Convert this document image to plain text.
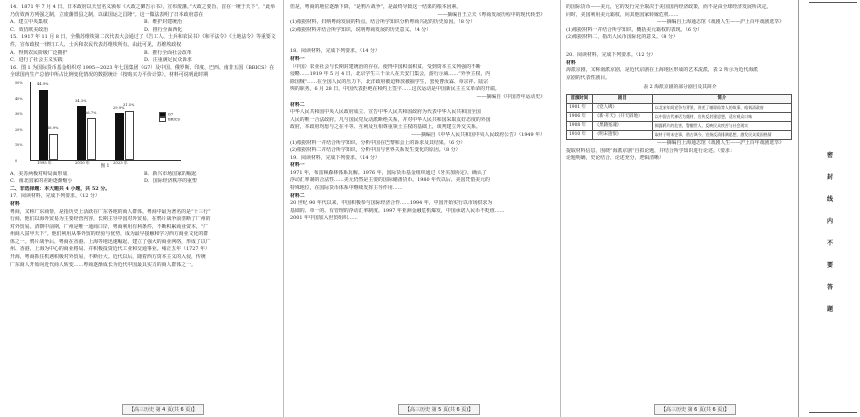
14．1871 年 7 月 4 日，日本政府以天皇名义颁布《大政之御告示书》，宣布废藩。”大政之要旨，首在一统于天下”，“此举乃仿效西方列强之制，立废藩置县之制，以谋国运之昌隆”。这一做法表明了日本政府意在
A．建立中央集权	B．维护封建统治
C．效仿欧美政治	D．推行全面西化
15．1917 年 11 月 8 日，全俄苏维埃第二次代表大会通过了《告工人、士兵和农民书》《和平法令》《土地法令》等重要文件，宣布政权一律归工人、士兵和农民代表苏维埃所有。由此可见，苏维埃政权
A．得到农民阶级广泛拥护	B．推行全面社会改革
C．进行了社会主义实践	D．注重满足民众诉求
16．图 1 为国际货币基金组织对 1995—2023 年七国集团（G7）及中国、俄罗斯、印度、巴西、南非五国（BRICS）在全球国内生产总值中所占比例变化情况的数据统计（按购买力平价计算）。材料可说明此时期
50%
40%
30%
20%
10%
0
44.9%
16.9%
1995 年
34.3%
26.7%
2010 年
29.9%
31.5%
2023 年
G7
BRICS
图 1
A．美苏两极对峙局面形成	B．新兴市场国家的崛起
C．南北国家的差距逐渐缩小	D．国际经济秩序的重塑
二、非选择题：本大题共 4 小题，共 52 分。
17．阅读材料，完成下列要求。（12 分）
材料
粤商，又称广东商帮，是指历史上活跃在广东各地的商人群体。粤商中最为著名的是“十三行”
行商，他们以海外贸易为主要经营内容，长期主导中国对外贸易，在鸦片战争前垄断了广州的
对外贸易。清朝中前期，广州是唯一通商口岸，粤商利用有利条件，不断积累商业资本，“广
州商人富甲天下”。他们利用从事外贸的经验与优势，成为最早接触和学习西方商业文化的群
体之一。鸦片战争后，粤商在香港、上海等地迅速崛起，建立了强大的商业网络，形成了以广
州、香港、上海为中心的商业格局，并积极投资近代工业和交通事业。雍正五年（1727 年）
开海，粤商抓住机遇积极对外贸易，不断壮大。近代以后，随着西方资本主义的入侵，传统
广东商人开始向近代商人转变……粤商逐渐成长为近代中国最具实力的商人群体之一。
但是，粤商的地位逐渐下降，“是鸦片战争”，是最终导致这一结果的根本因素。
——摘编自王立夫《粤商发展历程中的现代转型》
(1)根据材料，归纳粤商发展的特点。结合所学知识分析粤商兴起的历史原因。（8 分）
(2)根据材料并结合所学知识，说明粤商发展的历史意义。（4 分）
18．阅读材料，完成下列要求。（14 分）
材料一
（中国）农业社会与长期封建统治的存在，使得中国积弱积贫，受到资本主义列强的不断
侵略……1919 年 5 月 4 日，北京学生三千余人在天安门集会，游行示威……“外争主权，内
除国贼”……在全国人民的压力下，北洋政府被迫释放被捕学生，罢免曹汝霖、章宗祥、陆宗
舆的职务。6 月 28 日，中国代表拒绝在和约上签字……这次运动是中国新民主主义革命的开端。
——摘编自《中国青年运动史》
材料二
中华人民共和国中央人民政府成立，宣告中华人民共和国政府为代表中华人民共和国全国
人民的唯一合法政府。凡与国民党反动派断绝关系，并对中华人民共和国采取友好态度的外国
政府，本政府均愿与之在平等、互利及互相尊重领土主权的基础上，谈判建立外交关系。
——摘编自《中华人民共和国中央人民政府公告》（1949 年）
(1)根据材料一并结合所学知识，分析中国在巴黎和会上的诉求及其结果。（6 分）
(2)根据材料二并结合所学知识，分析中国与世界关系发生变化的原因。（8 分）
19．阅读材料，完成下列要求。（14 分）
材料一
1971 年，布雷顿森林体系瓦解。1976 年，国际货币基金组织通过《牙买加协定》，确认了
浮动汇率制的合法性……美元仍然是主要的国际储备货币。1980 年代以后，美国凭借美元的
特殊地位，在国际货币体系中继续发挥主导作用……
材料二
20 世纪 90 年代以来，中国积极参与国际经济合作……1994 年，中国开始实行以市场供求为
基础的、单一的、有管理的浮动汇率制度。1997 年亚洲金融危机爆发，中国承诺人民币不贬值……
2001 年中国加入世贸组织……
的国际货币——美元，它的发行完全取决于美国国内经济政策，而不是由全球经济发展所决定。
同时，美国利用美元霸权，向其他国家转嫁危机……
——摘编自上海通志馆《戏剧人生——沪上百年戏剧选萃》
(1)根据材料一并结合所学知识，概括美元霸权的表现。（6 分）
(2)根据材料二，指出人民币国际化的意义。（8 分）
20．阅读材料，完成下列要求。（12 分）
材料
海派京剧，又称南派京剧，是近代京剧在上海地区形成的艺术流派，表 2 所示为近代海派
京剧的代表性剧目。
表 2 海派京剧的部分剧目及其简介
首演时间	剧目	简介
1901 年	《党人碑》	以北宋年间党争为背景，讲述了谢琼仙等人的故事，暗讽清政府
1906 年	《新·开天》（开天辟地）	以中国古代神话为题材，宣传反封建思想，适应观众口味
1908 年	《黑籍冤魂》	揭露鸦片的危害，警醒世人，反映民众疾苦与社会现实
1910 年	《明末遗恨》	取材于明末史事，借古讽今，宣扬反清排满思想，激发民众爱国热情
——摘编自上海通志馆《戏剧人生——沪上百年戏剧选萃》
提取材料信息，围绕“海派京剧”自拟论题，并结合所学知识进行论述。（要求：
论题明确，史论结合，论述充分，逻辑清晰）	密
封
线
内
不
要
答
题
【高三历史 第 4 页(共 6 页)】	【高三历史 第 5 页(共 6 页)】	【高三历史 第 6 页(共 6 页)】
